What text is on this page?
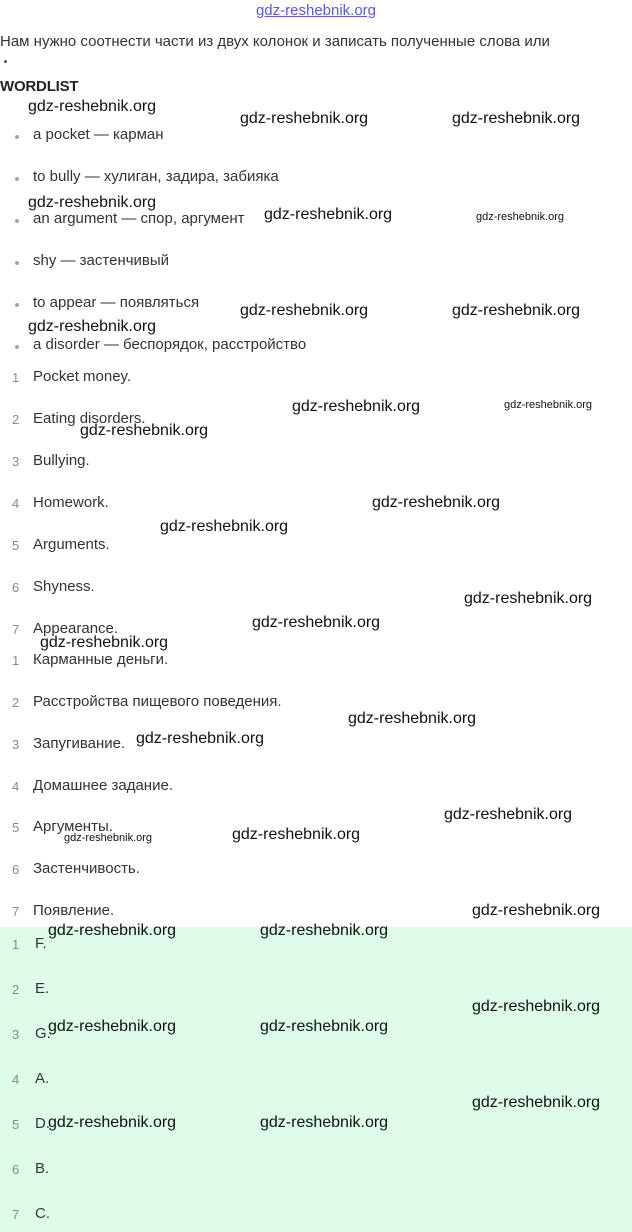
gdz-reshebnik.org
Нам нужно соотнести части из двух колонок и записать полученные слова или
WORDLIST
a pocket — карман
to bully — хулиган, задира, забияка
an argument — спор, аргумент
shy — застенчивый
to appear — появляться
a disorder — беспорядок, расстройство
1 Pocket money.
2 Eating disorders.
3 Bullying.
4 Homework.
5 Arguments.
6 Shyness.
7 Appearance.
1 Карманные деньги.
2 Расстройства пищевого поведения.
3 Запугивание.
4 Домашнее задание.
5 Аргументы.
6 Застенчивость.
7 Появление.
1 F.
2 E.
3 G.
4 A.
5 D.
6 B.
7 C.
gdz-reshebnik.org
gdz-reshebnik.org	gdz-reshebnik.org
gdz-reshebnik.org
gdz-reshebnik.org	gdz-reshebnik.org
gdz-reshebnik.org	gdz-reshebnik.org
gdz-reshebnik.org
gdz-reshebnik.org	gdz-reshebnik.org
gdz-reshebnik.org
gdz-reshebnik.org
gdz-reshebnik.org
gdz-reshebnik.org
gdz-reshebnik.org
gdz-reshebnik.org
gdz-reshebnik.org
gdz-reshebnik.org
gdz-reshebnik.org
gdz-reshebnik.org
gdz-reshebnik.org
gdz-reshebnik.org
gdz-reshebnik.org	gdz-reshebnik.org
gdz-reshebnik.org
gdz-reshebnik.org	gdz-reshebnik.org
gdz-reshebnik.org
gdz-reshebnik.org	gdz-reshebnik.org
